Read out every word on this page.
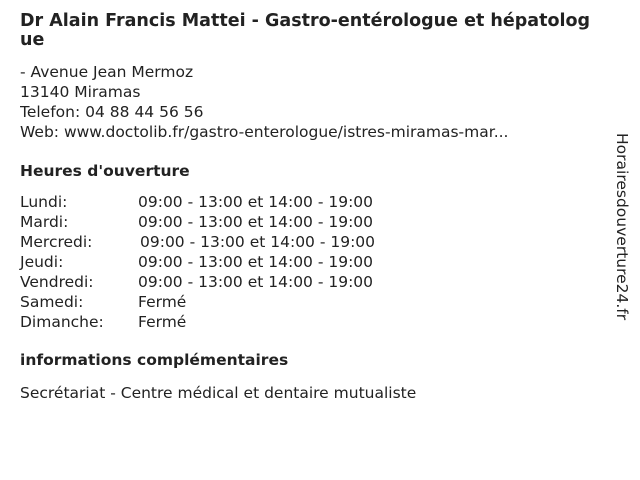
Dr Alain Francis Mattei - Gastro-entérologue et hépatologue
- Avenue Jean Mermoz
13140 Miramas
Telefon: 04 88 44 56 56
Web: www.doctolib.fr/gastro-enterologue/istres-miramas-mar...
Heures d'ouverture
Lundi:	09:00 - 13:00 et 14:00 - 19:00
Mardi:	09:00 - 13:00 et 14:00 - 19:00
Mercredi:	09:00 - 13:00 et 14:00 - 19:00
Jeudi:	09:00 - 13:00 et 14:00 - 19:00
Vendredi:	09:00 - 13:00 et 14:00 - 19:00
Samedi:	Fermé
Dimanche:	Fermé
informations complémentaires
Secrétariat - Centre médical et dentaire mutualiste
Horairesdouverture24.fr
